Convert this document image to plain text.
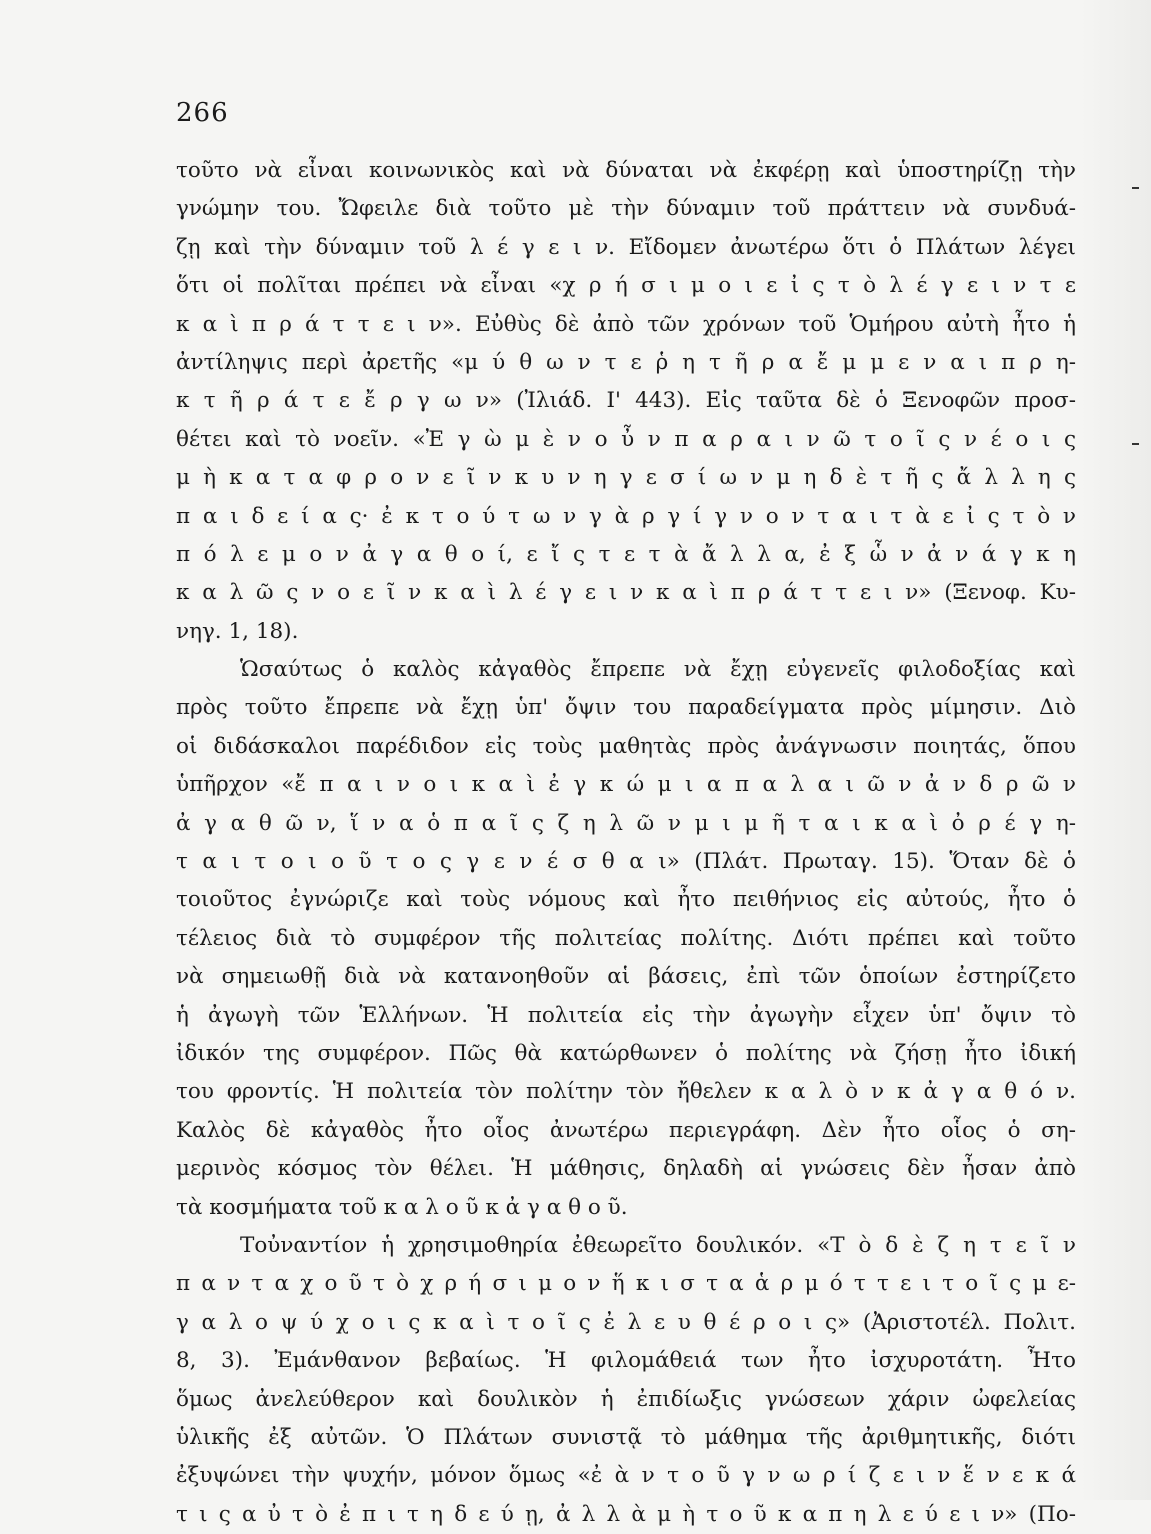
266
τοῦτο νὰ εἶναι κοινωνικὸς καὶ νὰ δύναται νὰ ἐκφέρῃ καὶ ὑποστηρίζῃ τὴν
γνώμην του. Ὤφειλε διὰ τοῦτο μὲ τὴν δύναμιν τοῦ πράττειν νὰ συνδυά-
ζῃ καὶ τὴν δύναμιν τοῦ λ έ γ ε ι ν. Εἴδομεν ἀνωτέρω ὅτι ὁ Πλάτων λέγει
ὅτι οἱ πολῖται πρέπει νὰ εἶναι «χ ρ ή σ ι μ ο ι ε ἰ ς τ ὸ λ έ γ ε ι ν τ ε
κ α ὶ π ρ ά τ τ ε ι ν». Εὐθὺς δὲ ἀπὸ τῶν χρόνων τοῦ Ὁμήρου αὐτὴ ἦτο ἡ
ἀντίληψις περὶ ἀρετῆς «μ ύ θ ω ν τ ε ῥ η τ ῆ ρ α ἔ μ μ ε ν α ι π ρ η-
κ τ ῆ ρ ά τ ε ἔ ρ γ ω ν» (Ἰλιάδ. Ι' 443). Εἰς ταῦτα δὲ ὁ Ξενοφῶν προσ-
θέτει καὶ τὸ νοεῖν. «Ἐ γ ὼ μ ὲ ν ο ὖ ν π α ρ α ι ν ῶ τ ο ῖ ς ν έ ο ι ς
μ ὴ κ α τ α φ ρ ο ν ε ῖ ν κ υ ν η γ ε σ ί ω ν μ η δ ὲ τ ῆ ς ἄ λ λ η ς
π α ι δ ε ί α ς· ἐ κ τ ο ύ τ ω ν γ ὰ ρ γ ί γ ν ο ν τ α ι τ ὰ ε ἰ ς τ ὸ ν
π ό λ ε μ ο ν ἀ γ α θ ο ί, ε ἴ ς τ ε τ ὰ ἄ λ λ α, ἐ ξ ὧ ν ἀ ν ά γ κ η
κ α λ ῶ ς ν ο ε ῖ ν κ α ὶ λ έ γ ε ι ν κ α ὶ π ρ ά τ τ ε ι ν» (Ξενοφ. Κυ-
νηγ. 1, 18).
Ὡσαύτως ὁ καλὸς κἀγαθὸς ἔπρεπε νὰ ἔχῃ εὐγενεῖς φιλοδοξίας καὶ
πρὸς τοῦτο ἔπρεπε νὰ ἔχῃ ὑπ' ὄψιν του παραδείγματα πρὸς μίμησιν. Διὸ
οἱ διδάσκαλοι παρέδιδον εἰς τοὺς μαθητὰς πρὸς ἀνάγνωσιν ποιητάς, ὅπου
ὑπῆρχον «ἔ π α ι ν ο ι κ α ὶ ἐ γ κ ώ μ ι α π α λ α ι ῶ ν ἀ ν δ ρ ῶ ν
ἀ γ α θ ῶ ν, ἵ ν α ὁ π α ῖ ς ζ η λ ῶ ν μ ι μ ῆ τ α ι κ α ὶ ὀ ρ έ γ η-
τ α ι τ ο ι ο ῦ τ ο ς γ ε ν έ σ θ α ι» (Πλάτ. Πρωταγ. 15). Ὅταν δὲ ὁ
τοιοῦτος ἐγνώριζε καὶ τοὺς νόμους καὶ ἦτο πειθήνιος εἰς αὐτούς, ἦτο ὁ
τέλειος διὰ τὸ συμφέρον τῆς πολιτείας πολίτης. Διότι πρέπει καὶ τοῦτο
νὰ σημειωθῇ διὰ νὰ κατανοηθοῦν αἱ βάσεις, ἐπὶ τῶν ὁποίων ἐστηρίζετο
ἡ ἀγωγὴ τῶν Ἑλλήνων. Ἡ πολιτεία εἰς τὴν ἀγωγὴν εἶχεν ὑπ' ὄψιν τὸ
ἰδικόν της συμφέρον. Πῶς θὰ κατώρθωνεν ὁ πολίτης νὰ ζήσῃ ἦτο ἰδική
του φροντίς. Ἡ πολιτεία τὸν πολίτην τὸν ἤθελεν κ α λ ὸ ν κ ἀ γ α θ ό ν.
Καλὸς δὲ κἀγαθὸς ἦτο οἷος ἀνωτέρω περιεγράφη. Δὲν ἦτο οἷος ὁ ση-
μερινὸς κόσμος τὸν θέλει. Ἡ μάθησις, δηλαδὴ αἱ γνώσεις δὲν ἦσαν ἀπὸ
τὰ κοσμήματα τοῦ κ α λ ο ῦ κ ἀ γ α θ ο ῦ.
Τοὐναντίον ἡ χρησιμοθηρία ἐθεωρεῖτο δουλικόν. «Τ ὸ δ ὲ ζ η τ ε ῖ ν
π α ν τ α χ ο ῦ τ ὸ χ ρ ή σ ι μ ο ν ἥ κ ι σ τ α ἁ ρ μ ό τ τ ε ι τ ο ῖ ς μ ε-
γ α λ ο ψ ύ χ ο ι ς κ α ὶ τ ο ῖ ς ἐ λ ε υ θ έ ρ ο ι ς» (Ἀριστοτέλ. Πολιτ.
8, 3). Ἐμάνθανον βεβαίως. Ἡ φιλομάθειά των ἦτο ἰσχυροτάτη. Ἦτο
ὅμως ἀνελεύθερον καὶ δουλικὸν ἡ ἐπιδίωξις γνώσεων χάριν ὠφελείας
ὑλικῆς ἐξ αὐτῶν. Ὁ Πλάτων συνιστᾷ τὸ μάθημα τῆς ἀριθμητικῆς, διότι
ἐξυψώνει τὴν ψυχήν, μόνον ὅμως «ἐ ὰ ν τ ο ῦ γ ν ω ρ ί ζ ε ι ν ἕ ν ε κ ά
τ ι ς α ὐ τ ὸ ἐ π ι τ η δ ε ύ ῃ, ἀ λ λ ὰ μ ὴ τ ο ῦ κ α π η λ ε ύ ε ι ν» (Πο-
